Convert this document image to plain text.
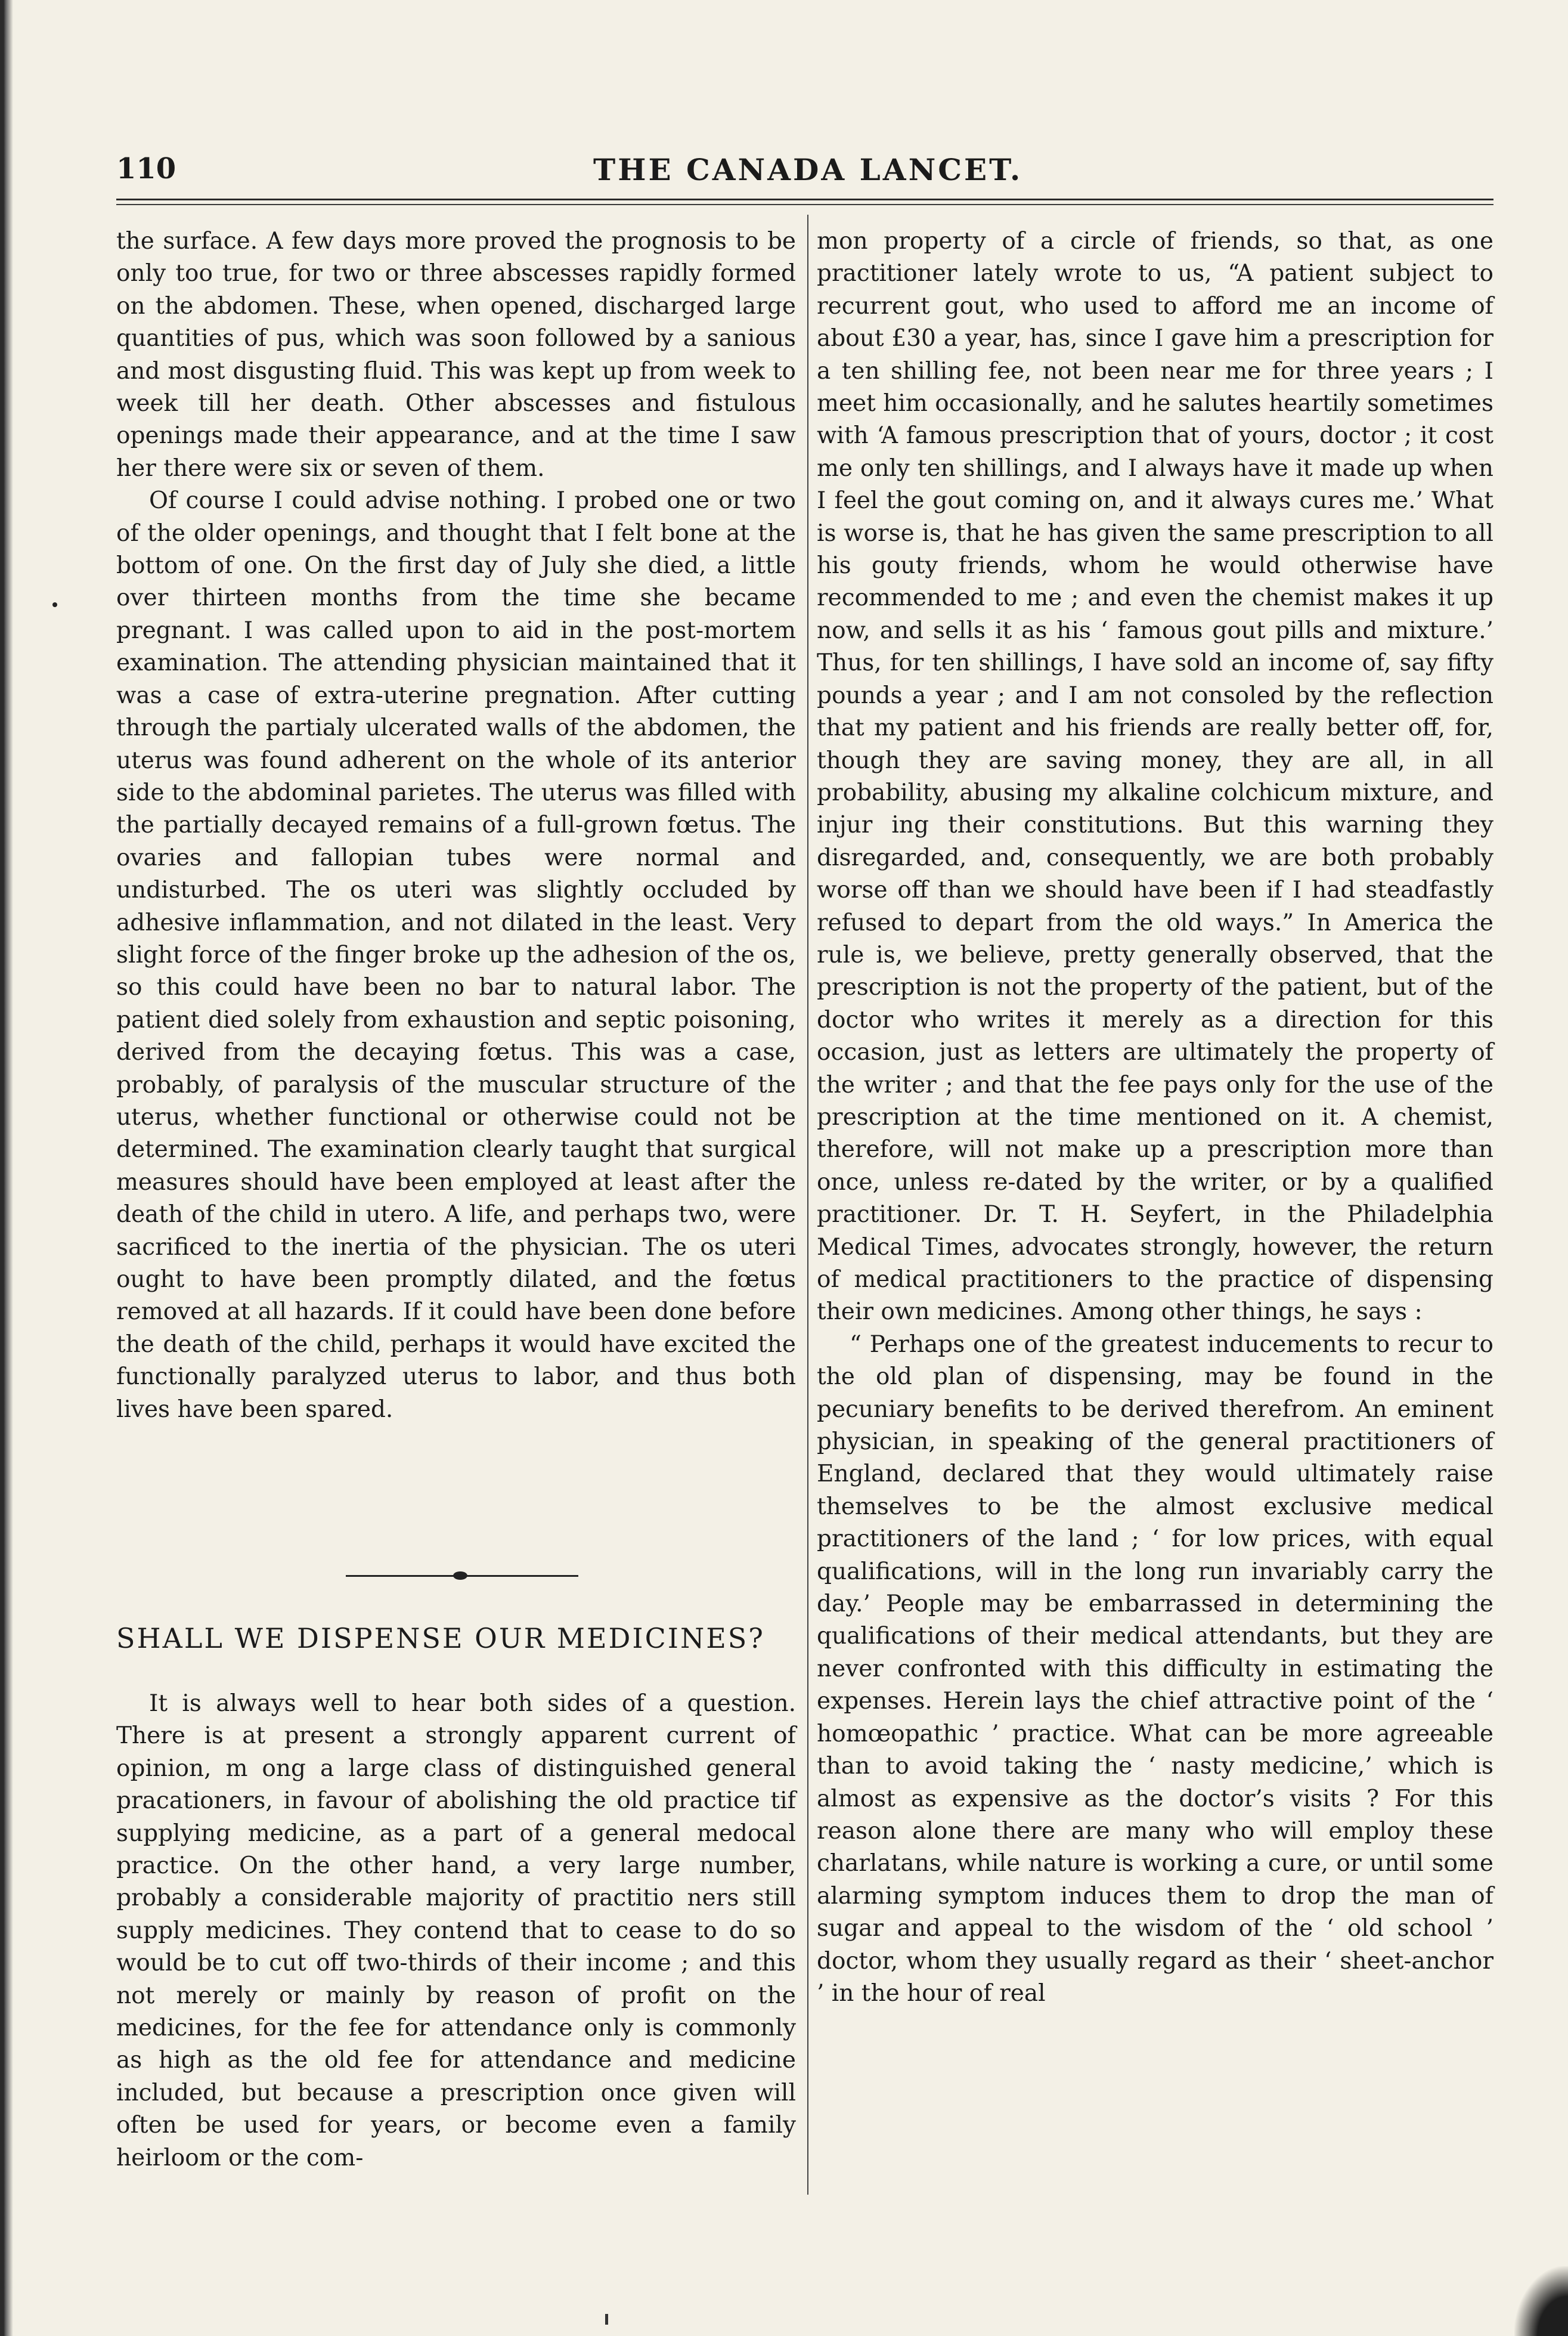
110	THE CANADA LANCET.

the surface. A few days more proved the prognosis to be only too true, for two or three abscesses rapidly formed on the abdomen. These, when opened, discharged large quantities of pus, which was soon followed by a sanious and most disgusting fluid. This was kept up from week to week till her death. Other abscesses and fistulous openings made their appearance, and at the time I saw her there were six or seven of them.

Of course I could advise nothing. I probed one or two of the older openings, and thought that I felt bone at the bottom of one. On the first day of July she died, a little over thirteen months from the time she became pregnant. I was called upon to aid in the post-mortem examination. The attending physician maintained that it was a case of extra-uterine pregnation. After cutting through the partialy ulcerated walls of the abdomen, the uterus was found adherent on the whole of its anterior side to the abdominal parietes. The uterus was filled with the partially decayed remains of a full-grown fœtus. The ovaries and fallopian tubes were normal and undisturbed. The os uteri was slightly occluded by adhesive inflammation, and not dilated in the least. Very slight force of the finger broke up the adhesion of the os, so this could have been no bar to natural labor. The patient died solely from exhaustion and septic poisoning, derived from the decaying fœtus. This was a case, probably, of paralysis of the muscular structure of the uterus, whether functional or otherwise could not be determined. The examination clearly taught that surgical measures should have been employed at least after the death of the child in utero. A life, and perhaps two, were sacrificed to the inertia of the physician. The os uteri ought to have been promptly dilated, and the fœtus removed at all hazards. If it could have been done before the death of the child, perhaps it would have excited the functionally paralyzed uterus to labor, and thus both lives have been spared.

SHALL WE DISPENSE OUR MEDICINES?

It is always well to hear both sides of a question. There is at present a strongly apparent current of opinion, m ong a large class of distinguished general pracationers, in favour of abolishing the old practice tif supplying medicine, as a part of a general medocal practice. On the other hand, a very large number, probably a considerable majority of practitio ners still supply medicines. They contend that to cease to do so would be to cut off two-thirds of their income ; and this not merely or mainly by reason of profit on the medicines, for the fee for attendance only is commonly as high as the old fee for attendance and medicine included, but because a prescription once given will often be used for years, or become even a family heirloom or the com-

mon property of a circle of friends, so that, as one practitioner lately wrote to us, “A patient subject to recurrent gout, who used to afford me an income of about £30 a year, has, since I gave him a prescription for a ten shilling fee, not been near me for three years ; I meet him occasionally, and he salutes heartily sometimes with ‘A famous prescription that of yours, doctor ; it cost me only ten shillings, and I always have it made up when I feel the gout coming on, and it always cures me.’ What is worse is, that he has given the same prescription to all his gouty friends, whom he would otherwise have recommended to me ; and even the chemist makes it up now, and sells it as his ‘ famous gout pills and mixture.’ Thus, for ten shillings, I have sold an income of, say fifty pounds a year ; and I am not consoled by the reflection that my patient and his friends are really better off, for, though they are saving money, they are all, in all probability, abusing my alkaline colchicum mixture, and injur ing their constitutions. But this warning they disregarded, and, consequently, we are both probably worse off than we should have been if I had steadfastly refused to depart from the old ways.” In America the rule is, we believe, pretty generally observed, that the prescription is not the property of the patient, but of the doctor who writes it merely as a direction for this occasion, just as letters are ultimately the property of the writer ; and that the fee pays only for the use of the prescription at the time mentioned on it. A chemist, therefore, will not make up a prescription more than once, unless re-dated by the writer, or by a qualified practitioner. Dr. T. H. Seyfert, in the Philadelphia Medical Times, advocates strongly, however, the return of medical practitioners to the practice of dispensing their own medicines. Among other things, he says :

“ Perhaps one of the greatest inducements to recur to the old plan of dispensing, may be found in the pecuniary benefits to be derived therefrom. An eminent physician, in speaking of the general practitioners of England, declared that they would ultimately raise themselves to be the almost exclusive medical practitioners of the land ; ‘ for low prices, with equal qualifications, will in the long run invariably carry the day.’ People may be embarrassed in determining the qualifications of their medical attendants, but they are never confronted with this difficulty in estimating the expenses. Herein lays the chief attractive point of the ‘ homœopathic ’ practice. What can be more agreeable than to avoid taking the ‘ nasty medicine,’ which is almost as expensive as the doctor’s visits ? For this reason alone there are many who will employ these charlatans, while nature is working a cure, or until some alarming symptom induces them to drop the man of sugar and appeal to the wisdom of the ‘ old school ’ doctor, whom they usually regard as their ‘ sheet-anchor ’ in the hour of real
